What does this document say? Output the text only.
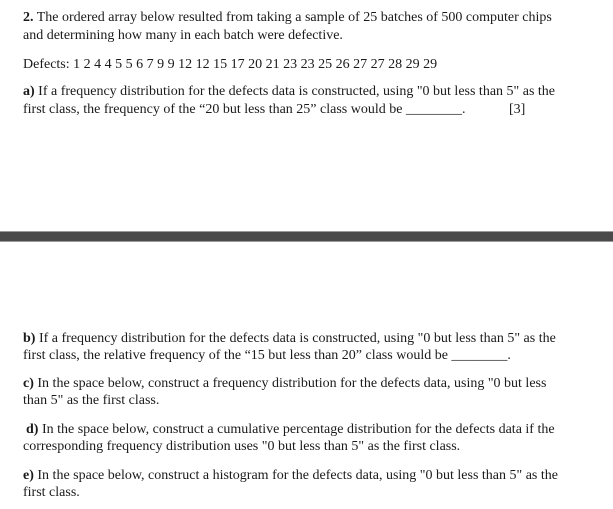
2. The ordered array below resulted from taking a sample of 25 batches of 500 computer chips
and determining how many in each batch were defective.
Defects: 1 2 4 4 5 5 6 7 9 9 12 12 15 17 20 21 23 23 25 26 27 27 28 29 29
a) If a frequency distribution for the defects data is constructed, using "0 but less than 5" as the
first class, the frequency of the “20 but less than 25” class would be ________.	[3]
b) If a frequency distribution for the defects data is constructed, using "0 but less than 5" as the
first class, the relative frequency of the “15 but less than 20” class would be ________.
c) In the space below, construct a frequency distribution for the defects data, using "0 but less
than 5" as the first class.
d) In the space below, construct a cumulative percentage distribution for the defects data if the
corresponding frequency distribution uses "0 but less than 5" as the first class.
e) In the space below, construct a histogram for the defects data, using "0 but less than 5" as the
first class.
